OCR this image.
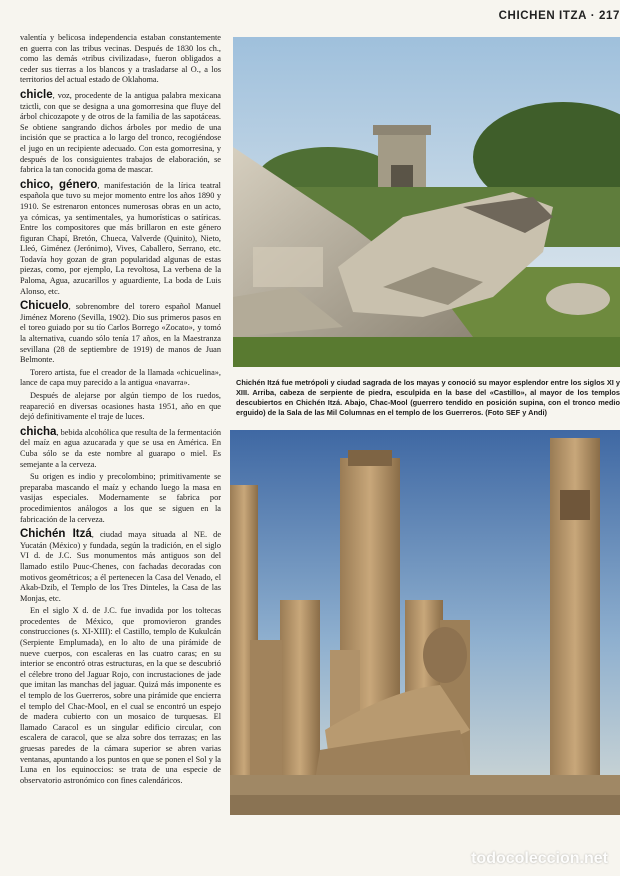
CHICHÉN ITZÁ · 217

valentía y belicosa independencia estaban constantemente en guerra con las tribus vecinas. Después de 1830 los ch., como las demás «tribus civilizadas», fueron obligados a ceder sus tierras a los blancos y a trasladarse al O., a los territorios del actual estado de Oklahoma.

chicle, voz, procedente de la antigua palabra mexicana tzictli, con que se designa a una gomorresina que fluye del árbol chicozapote y de otros de la familia de las sapotáceas. Se obtiene sangrando dichos árboles por medio de una incisión que se practica a lo largo del tronco, recogiéndose el jugo en un recipiente adecuado. Con esta gomorresina, y después de los consiguientes trabajos de elaboración, se fabrica la tan conocida goma de mascar.

chico, género, manifestación de la lírica teatral española que tuvo su mejor momento entre los años 1890 y 1910. Se estrenaron entonces numerosas obras en un acto, ya cómicas, ya sentimentales, ya humorísticas o satíricas. Entre los compositores que más brillaron en este género figuran Chapí, Bretón, Chueca, Valverde (Quinito), Nieto, Lleó, Giménez (Jerónimo), Vives, Caballero, Serrano, etc. Todavía hoy gozan de gran popularidad algunas de estas piezas, como, por ejemplo, La revoltosa, La verbena de la Paloma, Agua, azucarillos y aguardiente, La boda de Luis Alonso, etc.

Chicuelo, sobrenombre del torero español Manuel Jiménez Moreno (Sevilla, 1902). Dio sus primeros pasos en el toreo guiado por su tío Carlos Borrego «Zocato», y tomó la alternativa, cuando sólo tenía 17 años, en la Maestranza sevillana (28 de septiembre de 1919) de manos de Juan Belmonte.

Torero artista, fue el creador de la llamada «chicuelina», lance de capa muy parecido a la antigua «navarra».

Después de alejarse por algún tiempo de los ruedos, reapareció en diversas ocasiones hasta 1951, año en que dejó definitivamente el traje de luces.

chicha, bebida alcohólica que resulta de la fermentación del maíz en agua azucarada y que se usa en América. En Cuba sólo se da este nombre al guarapo o miel. Es semejante a la cerveza.

Su origen es indio y precolombino; primitivamente se preparaba mascando el maíz y echando luego la masa en vasijas especiales. Modernamente se fabrica por procedimientos análogos a los que se siguen en la fabricación de la cerveza.

Chichén Itzá, ciudad maya situada al NE. de Yucatán (México) y fundada, según la tradición, en el siglo VI d. de J.C. Sus monumentos más antiguos son del llamado estilo Puuc-Chenes, con fachadas decoradas con motivos geométricos; a él pertenecen la Casa del Venado, el Akab-Dzib, el Templo de los Tres Dinteles, la Casa de las Monjas, etc.

En el siglo X d. de J.C. fue invadida por los toltecas procedentes de México, que promovieron grandes construcciones (s. XI-XIII): el Castillo, templo de Kukulcán (Serpiente Emplumada), en lo alto de una pirámide de nueve cuerpos, con escaleras en las cuatro caras; en su interior se encontró otras estructuras, en la que se descubrió el célebre trono del Jaguar Rojo, con incrustaciones de jade que imitan las manchas del jaguar. Quizá más imponente es el templo de los Guerreros, sobre una pirámide que encierra el templo del Chac-Mool, en el cual se encontró un espejo de madera cubierto con un mosaico de turquesas. El llamado Caracol es un singular edificio circular, con escalera de caracol, que se alza sobre dos terrazas; en las gruesas paredes de la cámara superior se abren varias ventanas, apuntando a los puntos en que se ponen el Sol y la Luna en los equinoccios: se trata de una especie de observatorio astronómico con fines calendáricos.

Chichén Itzá fue metrópoli y ciudad sagrada de los mayas y conoció su mayor esplendor entre los siglos XI y XIII. Arriba, cabeza de serpiente de piedra, esculpida en la base del «Castillo», al mayor de los templos descubiertos en Chichén Itzá. Abajo, Chac-Mool (guerrero tendido en posición supina, con el tronco medio erguido) de la Sala de las Mil Columnas en el templo de los Guerreros. (Foto SEF y Andi)
todocoleccion.net
